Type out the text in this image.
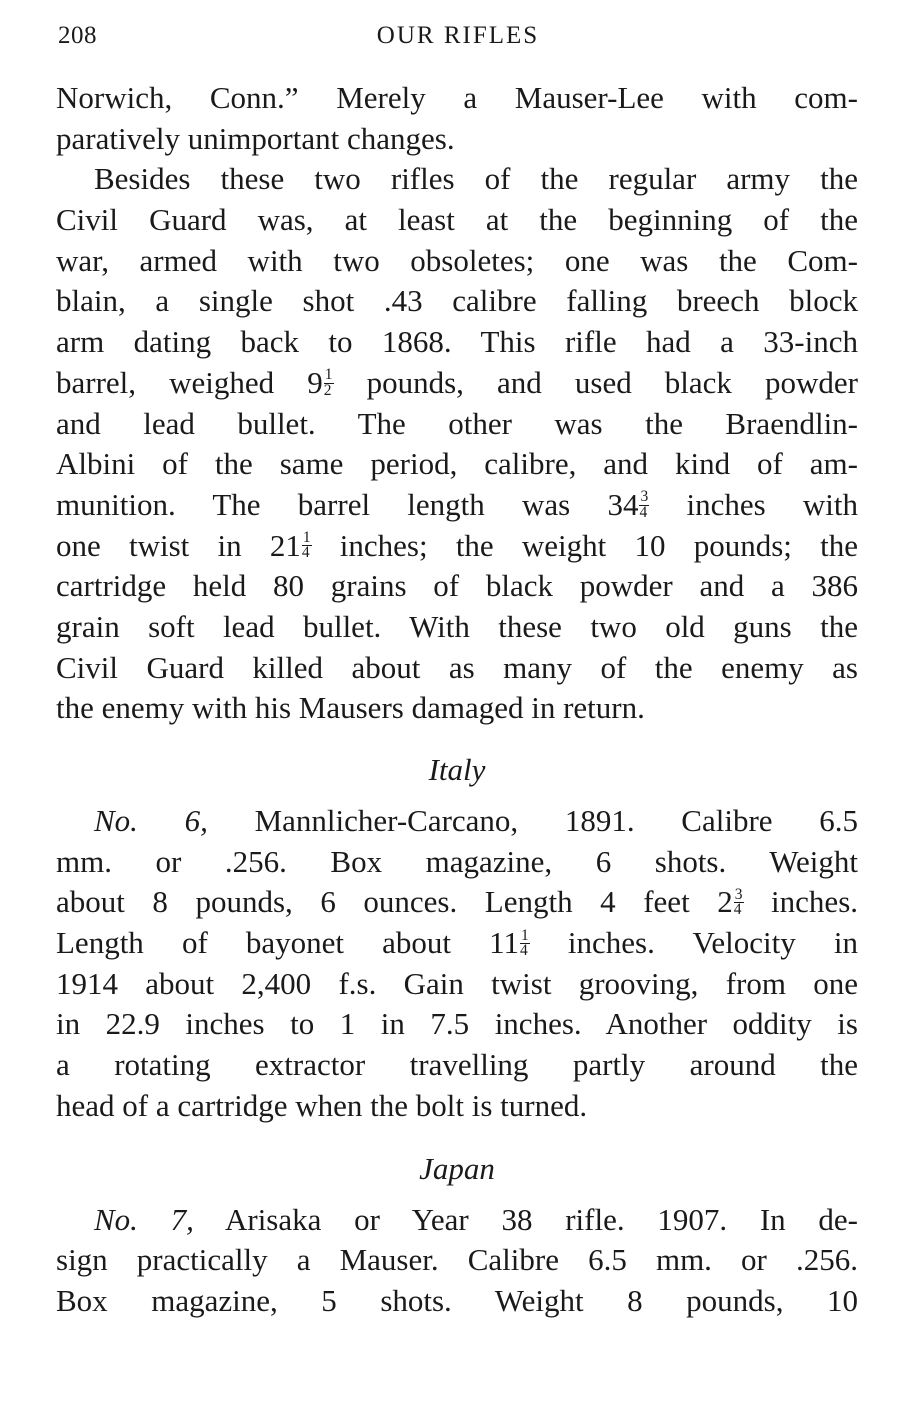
208	OUR RIFLES
Norwich, Conn.” Merely a Mauser-Lee with com-
paratively unimportant changes.
Besides these two rifles of the regular army the
Civil Guard was, at least at the beginning of the
war, armed with two obsoletes; one was the Com-
blain, a single shot .43 calibre falling breech block
arm dating back to 1868. This rifle had a 33-inch
barrel, weighed $9 \frac{1}{2}$ pounds, and used black powder
and lead bullet. The other was the Braendlin-
Albini of the same period, calibre, and kind of am-
munition. The barrel length was $34 \frac{3}{4}$ inches with
one twist in $21 \frac{1}{4}$ inches; the weight 10 pounds; the
cartridge held 80 grains of black powder and a 386
grain soft lead bullet. With these two old guns the
Civil Guard killed about as many of the enemy as
the enemy with his Mausers damaged in return.
Italy
No. 6, Mannlicher-Carcano, 1891. Calibre 6.5
mm. or .256. Box magazine, 6 shots. Weight
about 8 pounds, 6 ounces. Length 4 feet $2 \frac{3}{4}$ inches.
Length of bayonet about $11 \frac{1}{4}$ inches. Velocity in
1914 about 2,400 f.s. Gain twist grooving, from one
in 22.9 inches to 1 in 7.5 inches. Another oddity is
a rotating extractor travelling partly around the
head of a cartridge when the bolt is turned.
Japan
No. 7, Arisaka or Year 38 rifle. 1907. In de-
sign practically a Mauser. Calibre 6.5 mm. or .256.
Box magazine, 5 shots. Weight 8 pounds, 10
